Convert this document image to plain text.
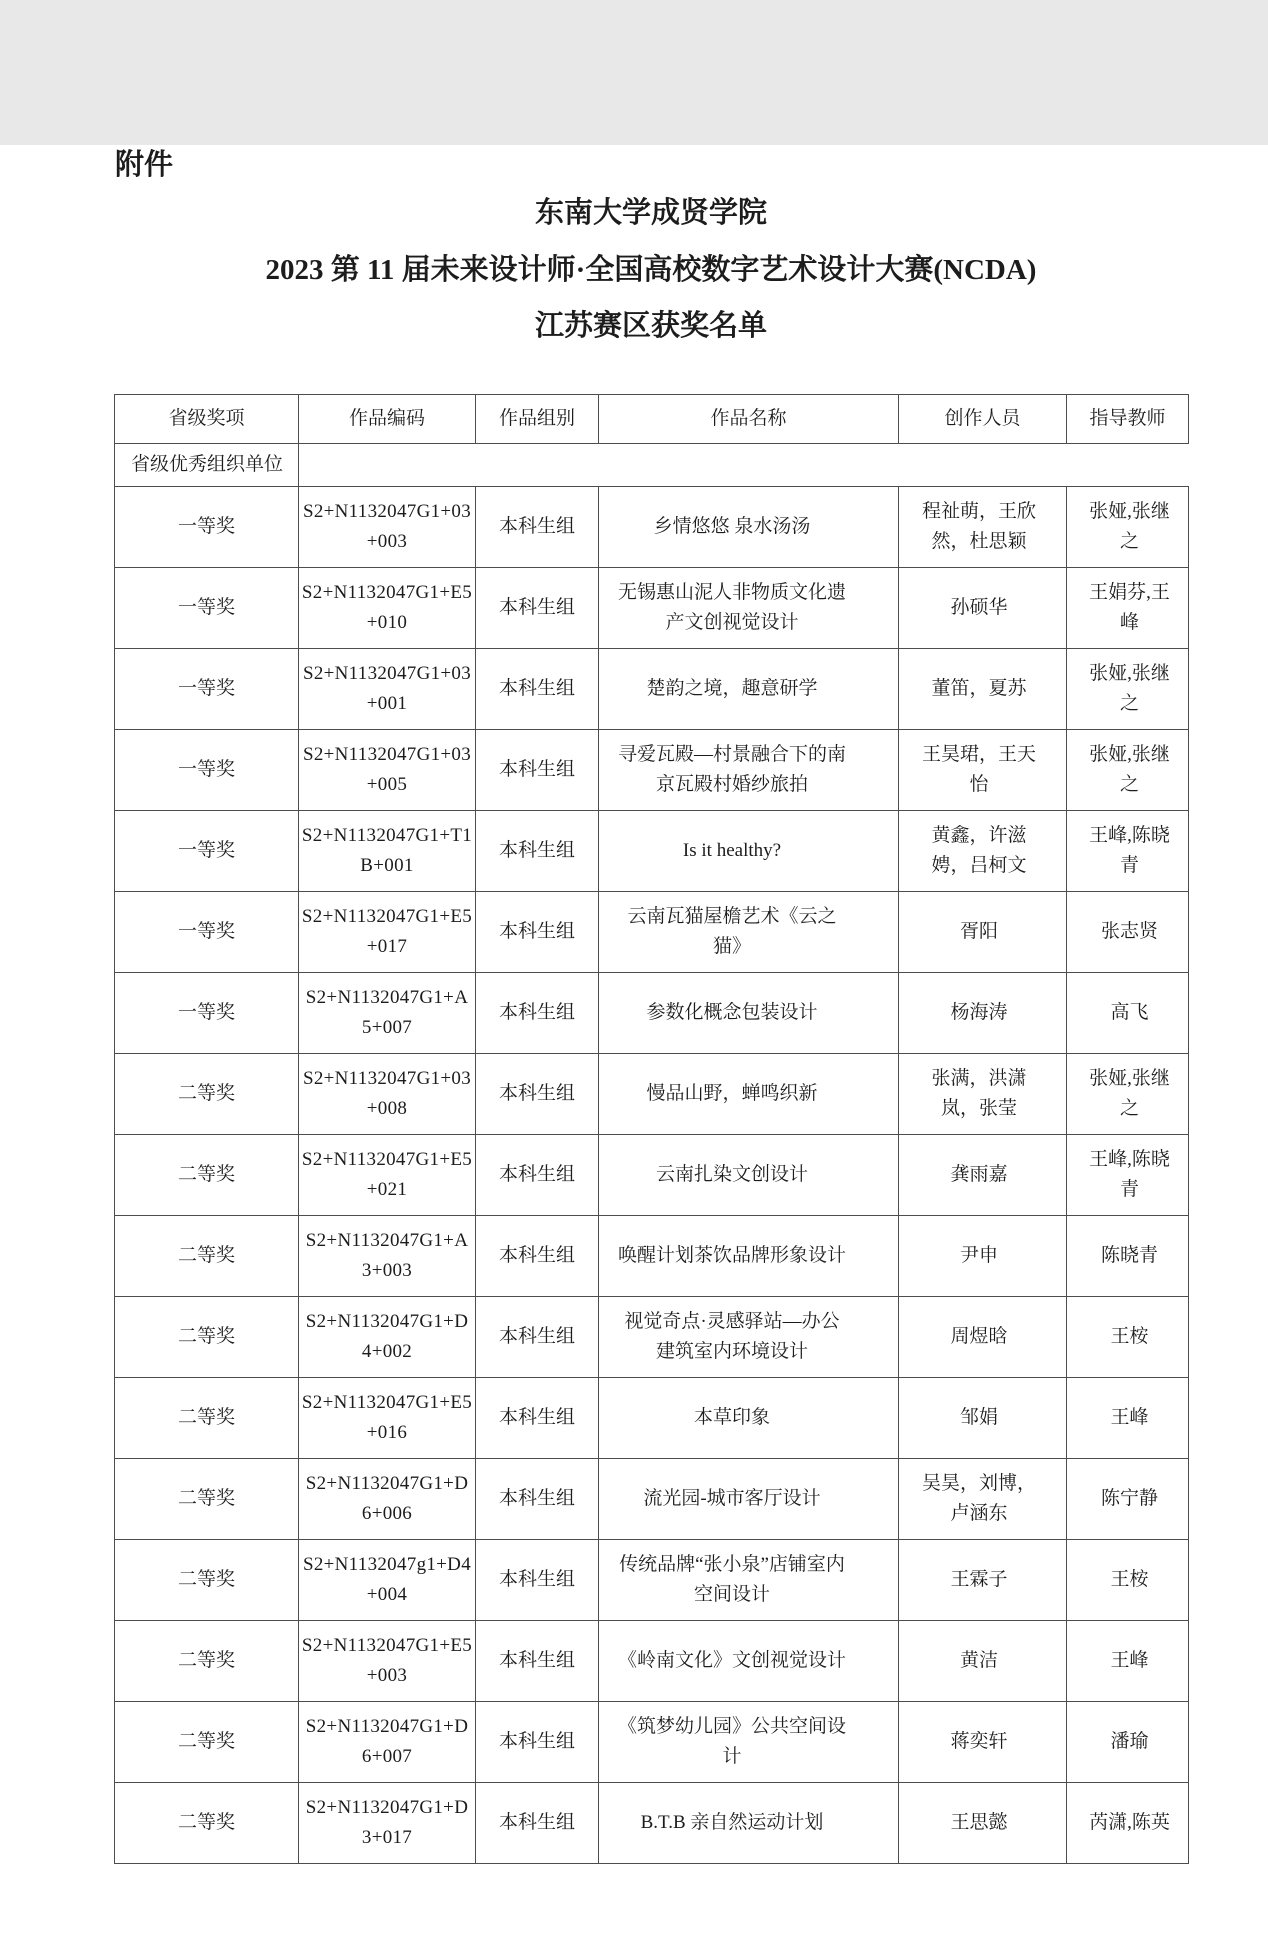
附件
东南大学成贤学院
2023 第 11 届未来设计师·全国高校数字艺术设计大赛(NCDA)
江苏赛区获奖名单
省级奖项	作品编码	作品组别	作品名称	创作人员	指导教师
省级优秀组织单位					
一等奖	S2+N1132047G1+03+003	本科生组	乡情悠悠 泉水汤汤	程祉萌，王欣然，杜思颖	张娅,张继之
一等奖	S2+N1132047G1+E5+010	本科生组	无锡惠山泥人非物质文化遗产文创视觉设计	孙硕华	王娟芬,王峰
一等奖	S2+N1132047G1+03+001	本科生组	楚韵之境，趣意研学	董笛，夏苏	张娅,张继之
一等奖	S2+N1132047G1+03+005	本科生组	寻爱瓦殿—村景融合下的南京瓦殿村婚纱旅拍	王昊珺，王天怡	张娅,张继之
一等奖	S2+N1132047G1+T1B+001	本科生组	Is it healthy?	黄鑫，许滋娉，吕柯文	王峰,陈晓青
一等奖	S2+N1132047G1+E5+017	本科生组	云南瓦猫屋檐艺术《云之猫》	胥阳	张志贤
一等奖	S2+N1132047G1+A5+007	本科生组	参数化概念包装设计	杨海涛	高飞
二等奖	S2+N1132047G1+03+008	本科生组	慢品山野，蝉鸣织新	张满，洪潇岚，张莹	张娅,张继之
二等奖	S2+N1132047G1+E5+021	本科生组	云南扎染文创设计	龚雨嘉	王峰,陈晓青
二等奖	S2+N1132047G1+A3+003	本科生组	唤醒计划茶饮品牌形象设计	尹申	陈晓青
二等奖	S2+N1132047G1+D4+002	本科生组	视觉奇点·灵感驿站—办公建筑室内环境设计	周煜晗	王桉
二等奖	S2+N1132047G1+E5+016	本科生组	本草印象	邹娟	王峰
二等奖	S2+N1132047G1+D6+006	本科生组	流光园-城市客厅设计	吴昊，刘博，卢涵东	陈宁静
二等奖	S2+N1132047g1+D4+004	本科生组	传统品牌“张小泉”店铺室内空间设计	王霖子	王桉
二等奖	S2+N1132047G1+E5+003	本科生组	《岭南文化》文创视觉设计	黄洁	王峰
二等奖	S2+N1132047G1+D6+007	本科生组	《筑梦幼儿园》公共空间设计	蒋奕轩	潘瑜
二等奖	S2+N1132047G1+D3+017	本科生组	B.T.B 亲自然运动计划	王思懿	芮潇,陈英
